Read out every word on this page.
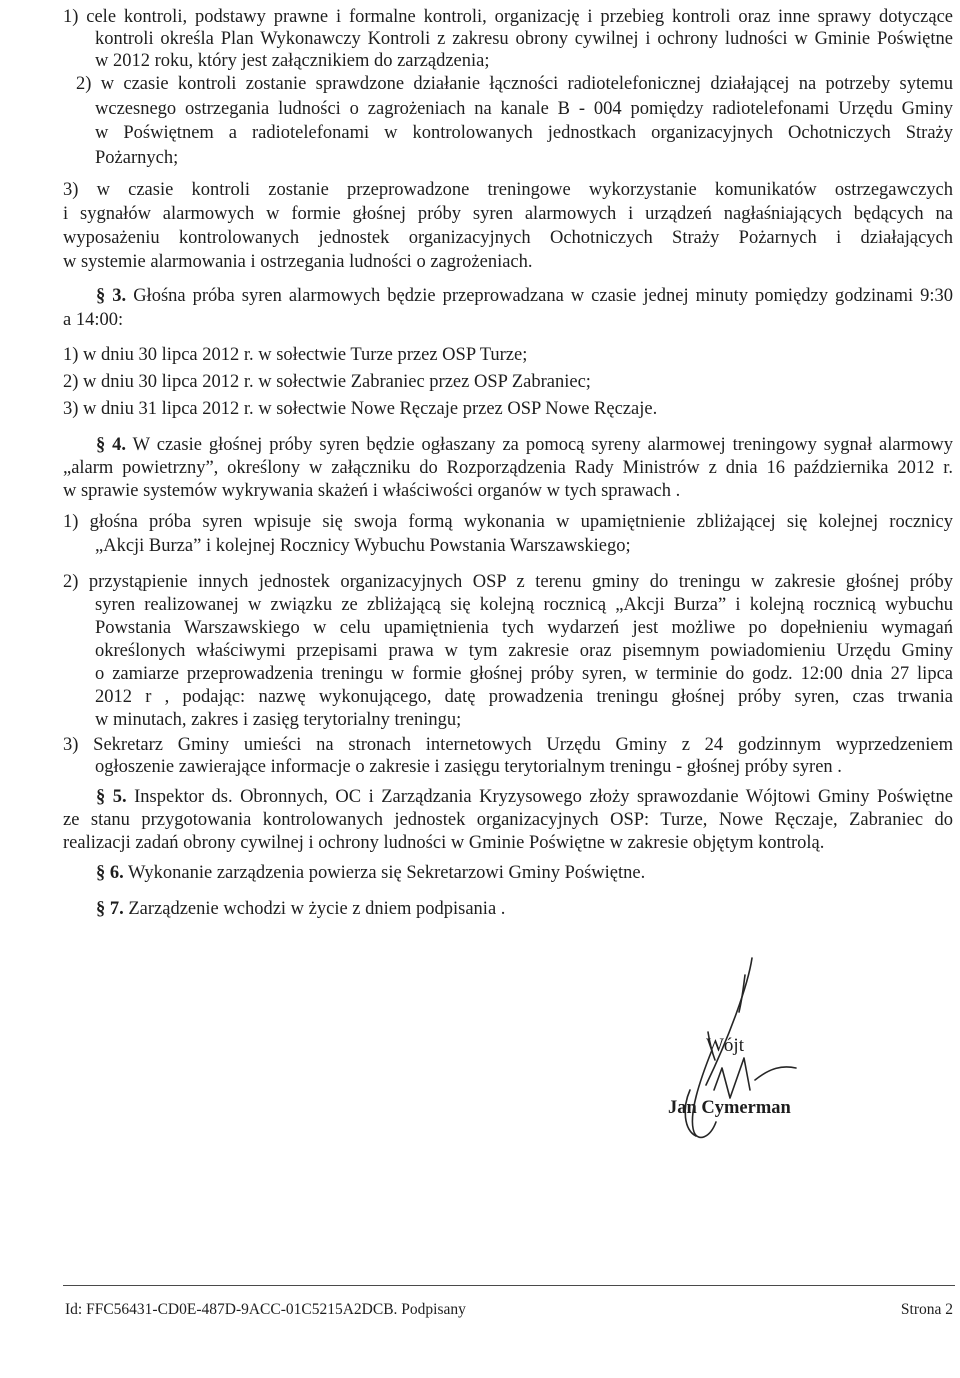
1) cele kontroli, podstawy prawne i formalne kontroli, organizację i przebieg kontroli oraz inne sprawy dotyczące
kontroli określa Plan Wykonawczy Kontroli z zakresu obrony cywilnej i ochrony ludności w Gminie Poświętne
w 2012 roku, który jest załącznikiem do zarządzenia;
2) w czasie kontroli zostanie sprawdzone działanie łączności radiotelefonicznej działającej na potrzeby sytemu
wczesnego ostrzegania ludności o zagrożeniach na kanale B - 004 pomiędzy radiotelefonami Urzędu Gminy
w Poświętnem a radiotelefonami w kontrolowanych jednostkach organizacyjnych Ochotniczych Straży
Pożarnych;
3) w czasie kontroli zostanie przeprowadzone treningowe wykorzystanie komunikatów ostrzegawczych
i sygnałów alarmowych w formie głośnej próby syren alarmowych i urządzeń nagłaśniających będących na
wyposażeniu kontrolowanych jednostek organizacyjnych Ochotniczych Straży Pożarnych i działających
w systemie alarmowania i ostrzegania ludności o zagrożeniach.
§ 3. Głośna próba syren alarmowych będzie przeprowadzana w czasie jednej minuty pomiędzy godzinami 9:30
a 14:00:
1) w dniu 30 lipca 2012 r. w sołectwie Turze przez OSP Turze;
2) w dniu 30 lipca 2012 r. w sołectwie Zabraniec przez OSP Zabraniec;
3) w dniu 31 lipca 2012 r. w sołectwie Nowe Ręczaje przez OSP Nowe Ręczaje.
§ 4. W czasie głośnej próby syren będzie ogłaszany za pomocą syreny alarmowej treningowy sygnał alarmowy
„alarm powietrzny”, określony w załączniku do Rozporządzenia Rady Ministrów z dnia 16 października 2012 r.
w sprawie systemów wykrywania skażeń i właściwości organów w tych sprawach .
1) głośna próba syren wpisuje się swoja formą wykonania w upamiętnienie zbliżającej się kolejnej rocznicy
„Akcji Burza” i kolejnej Rocznicy Wybuchu Powstania Warszawskiego;
2) przystąpienie innych jednostek organizacyjnych OSP z terenu gminy do treningu w zakresie głośnej próby
syren realizowanej w związku ze zbliżającą się kolejną rocznicą „Akcji Burza” i kolejną rocznicą wybuchu
Powstania Warszawskiego w celu upamiętnienia tych wydarzeń jest możliwe po dopełnieniu wymagań
określonych właściwymi przepisami prawa w tym zakresie oraz pisemnym powiadomieniu Urzędu Gminy
o zamiarze przeprowadzenia treningu w formie głośnej próby syren, w terminie do godz. 12:00 dnia 27 lipca
2012 r , podając: nazwę wykonującego, datę prowadzenia treningu głośnej próby syren, czas trwania
w minutach, zakres i zasięg terytorialny treningu;
3) Sekretarz Gminy umieści na stronach internetowych Urzędu Gminy z 24 godzinnym wyprzedzeniem
ogłoszenie zawierające informacje o zakresie i zasięgu terytorialnym treningu - głośnej próby syren .
§ 5. Inspektor ds. Obronnych, OC i Zarządzania Kryzysowego złoży sprawozdanie Wójtowi Gminy Poświętne
ze stanu przygotowania kontrolowanych jednostek organizacyjnych OSP: Turze, Nowe Ręczaje, Zabraniec do
realizacji zadań obrony cywilnej i ochrony ludności w Gminie Poświętne w zakresie objętym kontrolą.
§ 6. Wykonanie zarządzenia powierza się Sekretarzowi Gminy Poświętne.
§ 7. Zarządzenie wchodzi w życie z dniem podpisania .
Wójt
Jan Cymerman
Id: FFC56431-CD0E-487D-9ACC-01C5215A2DCB. Podpisany	Strona 2
